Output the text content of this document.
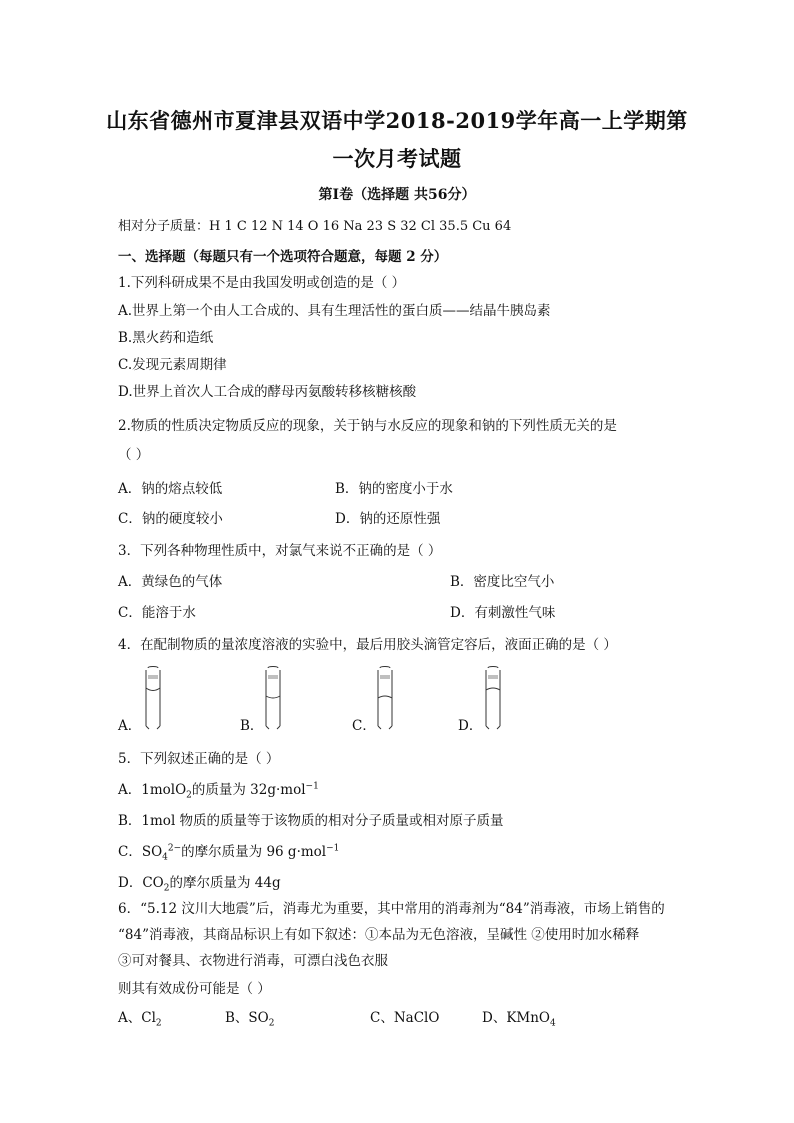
山东省德州市夏津县双语中学2018-2019学年高一上学期第
一次月考试题
第Ⅰ卷（选择题 共56分）
相对分子质量：H 1 C 12 N 14 O 16 Na 23 S 32 Cl 35.5 Cu 64
一、选择题（每题只有一个选项符合题意，每题 2 分）
1.下列科研成果不是由我国发明或创造的是（ ）
A.世界上第一个由人工合成的、具有生理活性的蛋白质——结晶牛胰岛素
B.黑火药和造纸
C.发现元素周期律
D.世界上首次人工合成的酵母丙氨酸转移核糖核酸
2.物质的性质决定物质反应的现象，关于钠与水反应的现象和钠的下列性质无关的是
（ ）
A．钠的熔点较低	B．钠的密度小于水
C．钠的硬度较小	D．钠的还原性强
3．下列各种物理性质中，对氯气来说不正确的是（ ）
A．黄绿色的气体	B．密度比空气小
C．能溶于水	D．有刺激性气味
4．在配制物质的量浓度溶液的实验中，最后用胶头滴管定容后，液面正确的是（ ）
A．	B．	C．	D．
5．下列叙述正确的是（ ）
A．1molO$_2$的质量为 32g·mol$^{-1}$
B．1mol 物质的质量等于该物质的相对分子质量或相对原子质量
C．$SO_4^{2-}$的摩尔质量为 96 g·mol$^{-1}$
D．$CO_2$的摩尔质量为 44g
6．“5.12 汶川大地震”后，消毒尤为重要，其中常用的消毒剂为“84”消毒液，市场上销售的
“84”消毒液，其商品标识上有如下叙述：①本品为无色溶液，呈碱性 ②使用时加水稀释
③可对餐具、衣物进行消毒，可漂白浅色衣服
则其有效成份可能是（ ）
A、$Cl_2$	B、$SO_2$	C、NaClO	D、KMnO$_4$
